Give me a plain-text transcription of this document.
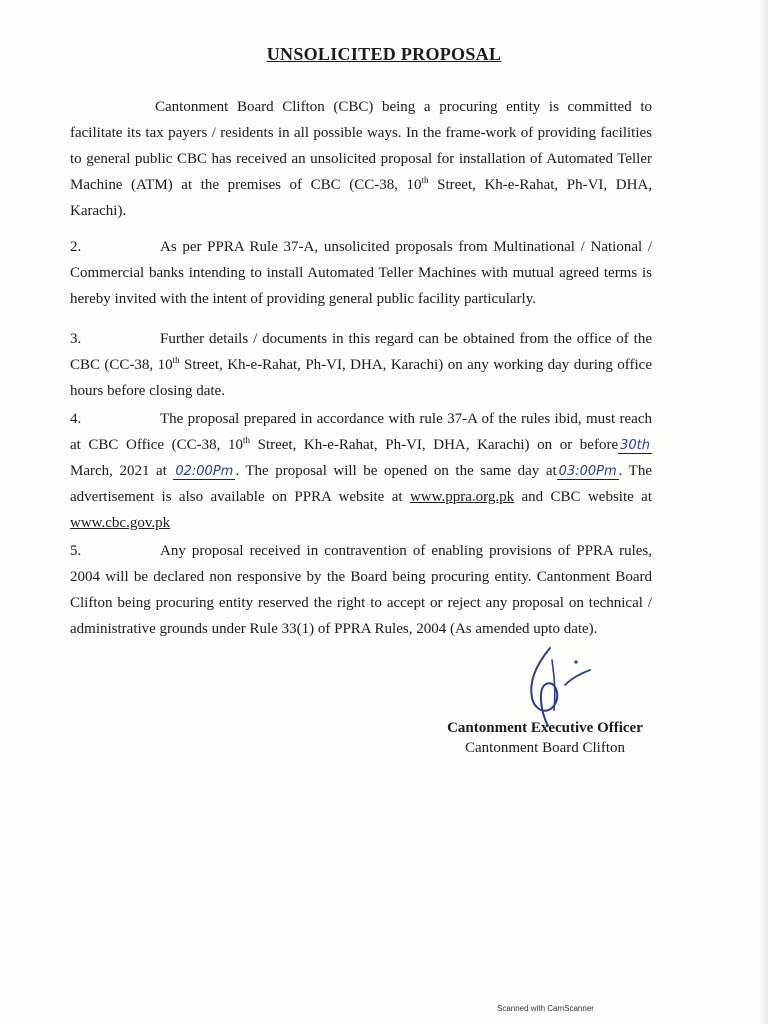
UNSOLICITED PROPOSAL

Cantonment Board Clifton (CBC) being a procuring entity is committed to facilitate its tax payers / residents in all possible ways. In the frame-work of providing facilities to general public CBC has received an unsolicited proposal for installation of Automated Teller Machine (ATM) at the premises of CBC (CC-38, 10th Street, Kh-e-Rahat, Ph-VI, DHA, Karachi).

2.	As per PPRA Rule 37-A, unsolicited proposals from Multinational / National / Commercial banks intending to install Automated Teller Machines with mutual agreed terms is hereby invited with the intent of providing general public facility particularly.

3.	Further details / documents in this regard can be obtained from the office of the CBC (CC-38, 10th Street, Kh-e-Rahat, Ph-VI, DHA, Karachi) on any working day during office hours before closing date.

4.	The proposal prepared in accordance with rule 37-A of the rules ibid, must reach at CBC Office (CC-38, 10th Street, Kh-e-Rahat, Ph-VI, DHA, Karachi) on or before 30th March, 2021 at 02:00Pm . The proposal will be opened on the same day at 03:00Pm . The advertisement is also available on PPRA website at www.ppra.org.pk and CBC website at www.cbc.gov.pk

5.	Any proposal received in contravention of enabling provisions of PPRA rules, 2004 will be declared non responsive by the Board being procuring entity. Cantonment Board Clifton being procuring entity reserved the right to accept or reject any proposal on technical / administrative grounds under Rule 33(1) of PPRA Rules, 2004 (As amended upto date).

Cantonment Executive Officer
Cantonment Board Clifton
Scanned with CamScanner
